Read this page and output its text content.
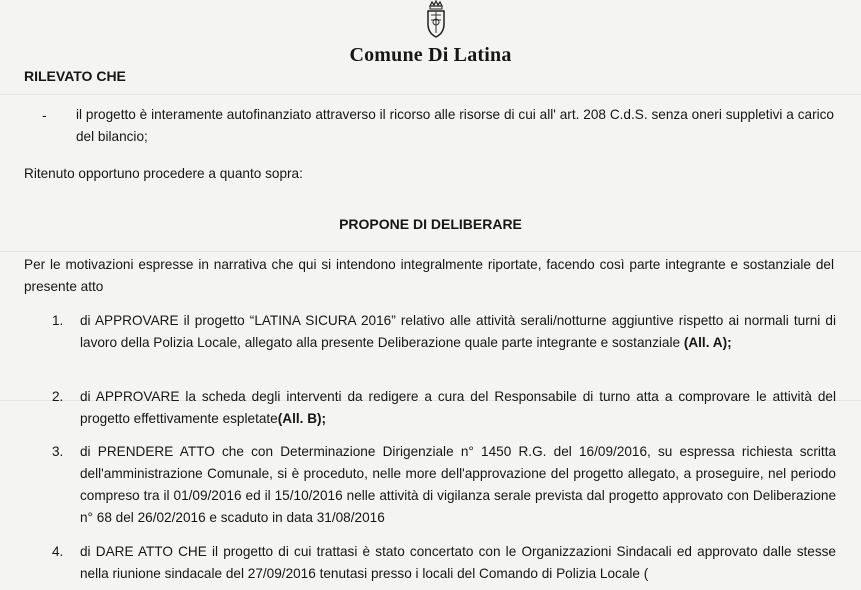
Comune Di Latina
RILEVATO CHE
- il progetto è interamente autofinanziato attraverso il ricorso alle risorse di cui all' art. 208 C.d.S. senza oneri suppletivi a carico del bilancio;
Ritenuto opportuno procedere a quanto sopra:
PROPONE DI DELIBERARE
Per le motivazioni espresse in narrativa che qui si intendono integralmente riportate, facendo così parte integrante e sostanziale del presente atto
1. di APPROVARE il progetto “LATINA SICURA 2016” relativo alle attività serali/notturne aggiuntive rispetto ai normali turni di lavoro della Polizia Locale, allegato alla presente Deliberazione quale parte integrante e sostanziale (All. A);
2. di APPROVARE la scheda degli interventi da redigere a cura del Responsabile di turno atta a comprovare le attività del progetto effettivamente espletate(All. B);
3. di PRENDERE ATTO che con Determinazione Dirigenziale n° 1450 R.G. del 16/09/2016, su espressa richiesta scritta dell'amministrazione Comunale, si è proceduto, nelle more dell'approvazione del progetto allegato, a proseguire, nel periodo compreso tra il 01/09/2016 ed il 15/10/2016 nelle attività di vigilanza serale prevista dal progetto approvato con Deliberazione n° 68 del 26/02/2016 e scaduto in data 31/08/2016
4. di DARE ATTO CHE il progetto di cui trattasi è stato concertato con le Organizzazioni Sindacali ed approvato dalle stesse nella riunione sindacale del 27/09/2016 tenutasi presso i locali del Comando di Polizia Locale (
